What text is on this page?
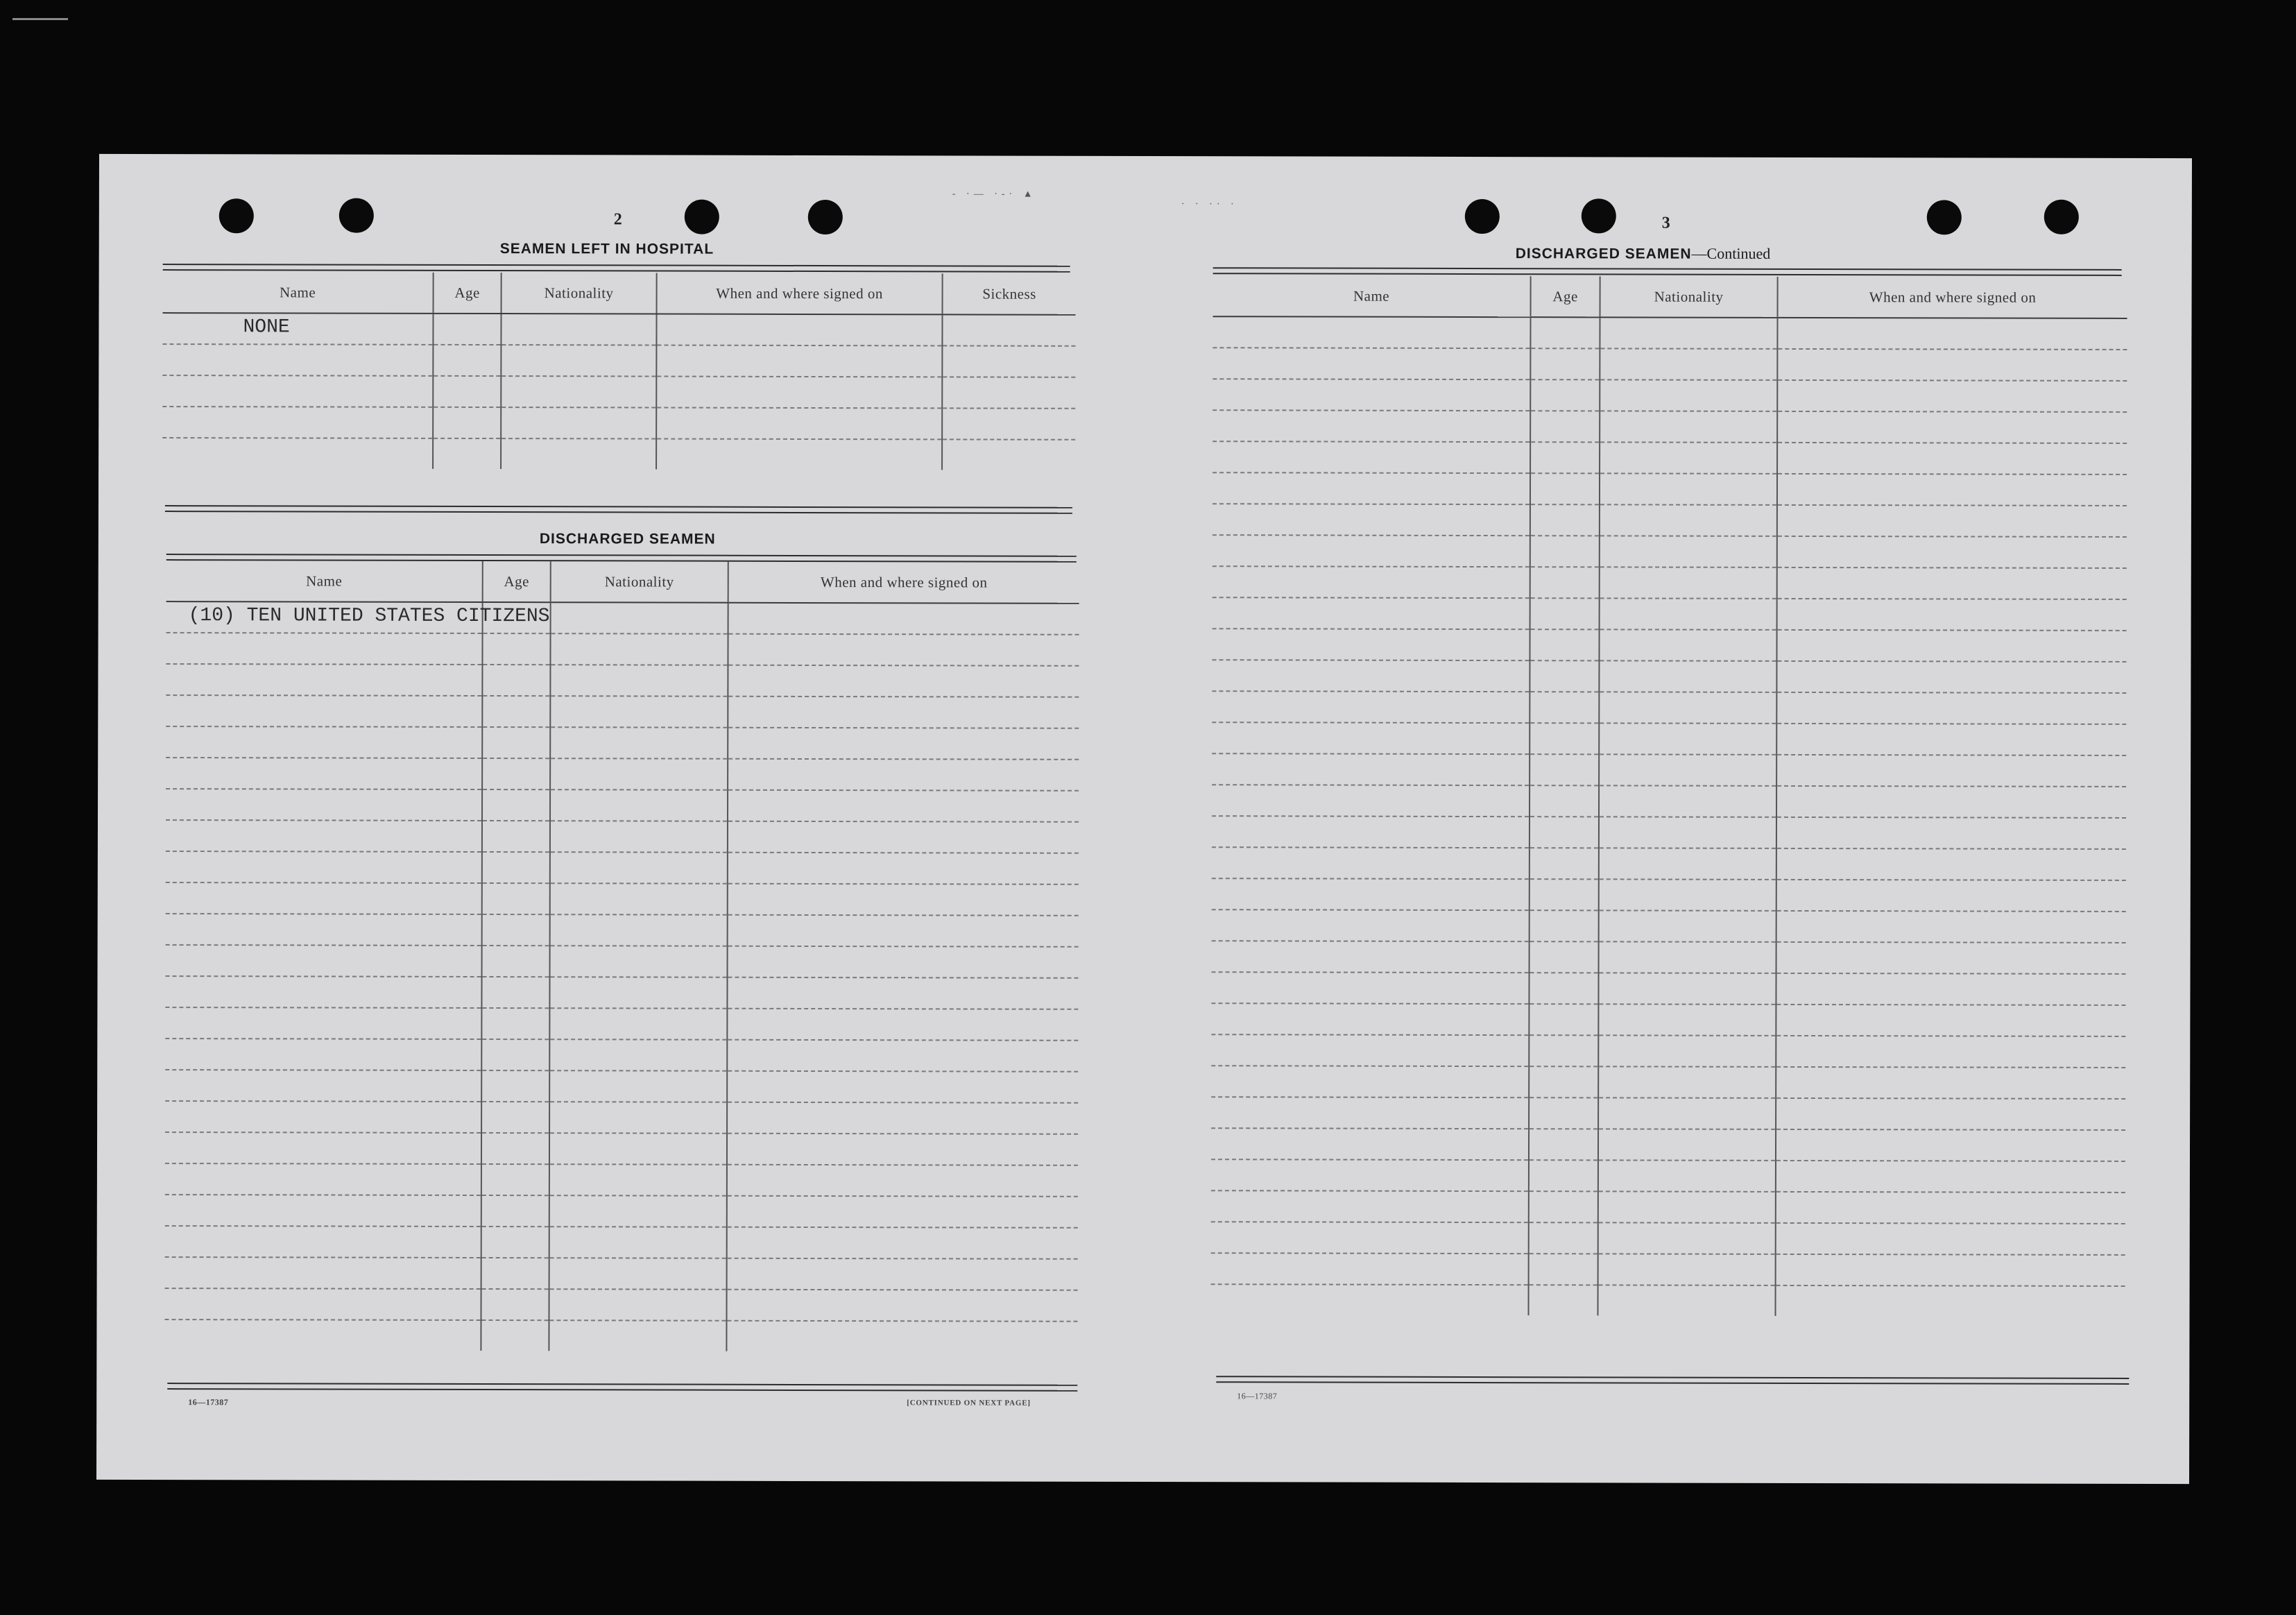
- ·— ·-· ▲
· · ·· ·
2
SEAMEN LEFT IN HOSPITAL
Name	Age	Nationality	When and where signed on	Sickness
NONE				

DISCHARGED SEAMEN
Name	Age	Nationality	When and where signed on
(10) TEN UNITED STATES CITIZENS			

16—17387	[CONTINUED ON NEXT PAGE]
3
DISCHARGED SEAMEN—Continued
Name	Age	Nationality	When and where signed on

16—17387
